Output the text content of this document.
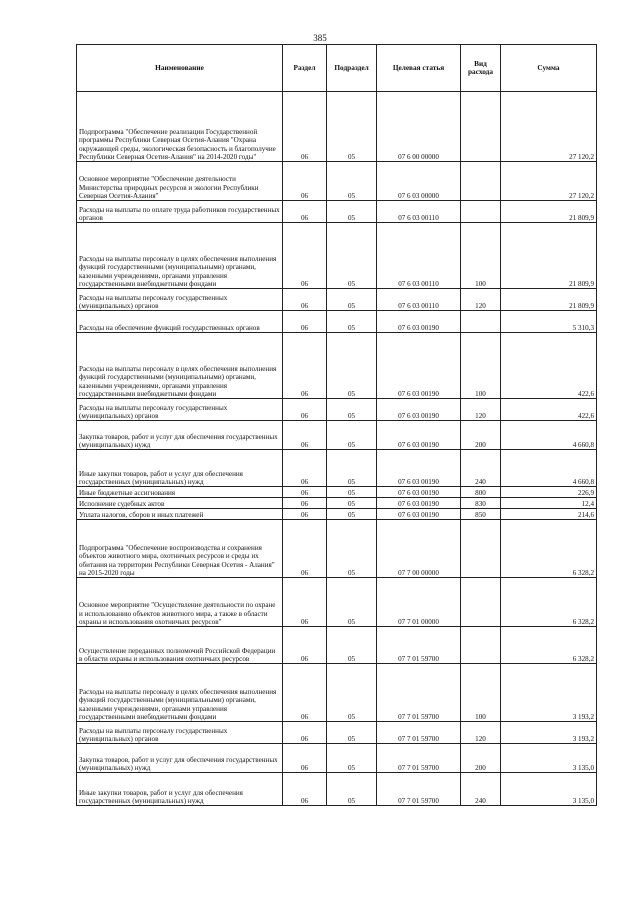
385
Наименование	Раздел	Подраздел	Целевая статья	Вид расхода	Сумма
Подпрограмма "Обеспечение реализации Государственной программы Республики Северная Осетия-Алания "Охрана окружающей среды, экологическая безопасность и благополучие Республики Северная Осетия-Алания" на 2014-2020 годы"	06	05	07 6 00 00000		27 120,2
Основное мероприятие "Обеспечение деятельности Министерства природных ресурсов и экологии Республики Северная Осетия-Алания"	06	05	07 6 03 00000		27 120,2
Расходы на выплаты по оплате труда работников государственных органов	06	05	07 6 03 00110		21 809,9
Расходы на выплаты персоналу в целях обеспечения выполнения функций государственными (муниципальными) органами, казенными учреждениями, органами управления государственными внебюджетными фондами	06	05	07 6 03 00110	100	21 809,9
Расходы на выплаты персоналу государственных (муниципальных) органов	06	05	07 6 03 00110	120	21 809,9
Расходы на обеспечение функций государственных органов	06	05	07 6 03 00190		5 310,3
Расходы на выплаты персоналу в целях обеспечения выполнения функций государственными (муниципальными) органами, казенными учреждениями, органами управления государственными внебюджетными фондами	06	05	07 6 03 00190	100	422,6
Расходы на выплаты персоналу государственных (муниципальных) органов	06	05	07 6 03 00190	120	422,6
Закупка товаров, работ и услуг для обеспечения государственных (муниципальных) нужд	06	05	07 6 03 00190	200	4 660,8
Иные закупки товаров, работ и услуг для обеспечения государственных (муниципальных) нужд	06	05	07 6 03 00190	240	4 660,8
Иные бюджетные ассигнования	06	05	07 6 03 00190	800	226,9
Исполнение судебных актов	06	05	07 6 03 00190	830	12,4
Уплата налогов, сборов и иных платежей	06	05	07 6 03 00190	850	214,6
Подпрограмма "Обеспечение воспроизводства и сохранения объектов животного мира, охотничьих ресурсов и среды их обитания на территории Республики Северная Осетия - Алания" на 2015-2020 годы	06	05	07 7 00 00000		6 328,2
Основное мероприятие "Осуществление деятельности по охране и использованию объектов животного мира, а также в области охраны и использования охотничьих ресурсов"	06	05	07 7 01 00000		6 328,2
Осуществление переданных полномочий Российской Федерации в области охраны и использования охотничьих ресурсов	06	05	07 7 01 59700		6 328,2
Расходы на выплаты персоналу в целях обеспечения выполнения функций государственными (муниципальными) органами, казенными учреждениями, органами управления государственными внебюджетными фондами	06	05	07 7 01 59700	100	3 193,2
Расходы на выплаты персоналу государственных (муниципальных) органов	06	05	07 7 01 59700	120	3 193,2
Закупка товаров, работ и услуг для обеспечения государственных (муниципальных) нужд	06	05	07 7 01 59700	200	3 135,0
Иные закупки товаров, работ и услуг для обеспечения государственных (муниципальных) нужд	06	05	07 7 01 59700	240	3 135,0
